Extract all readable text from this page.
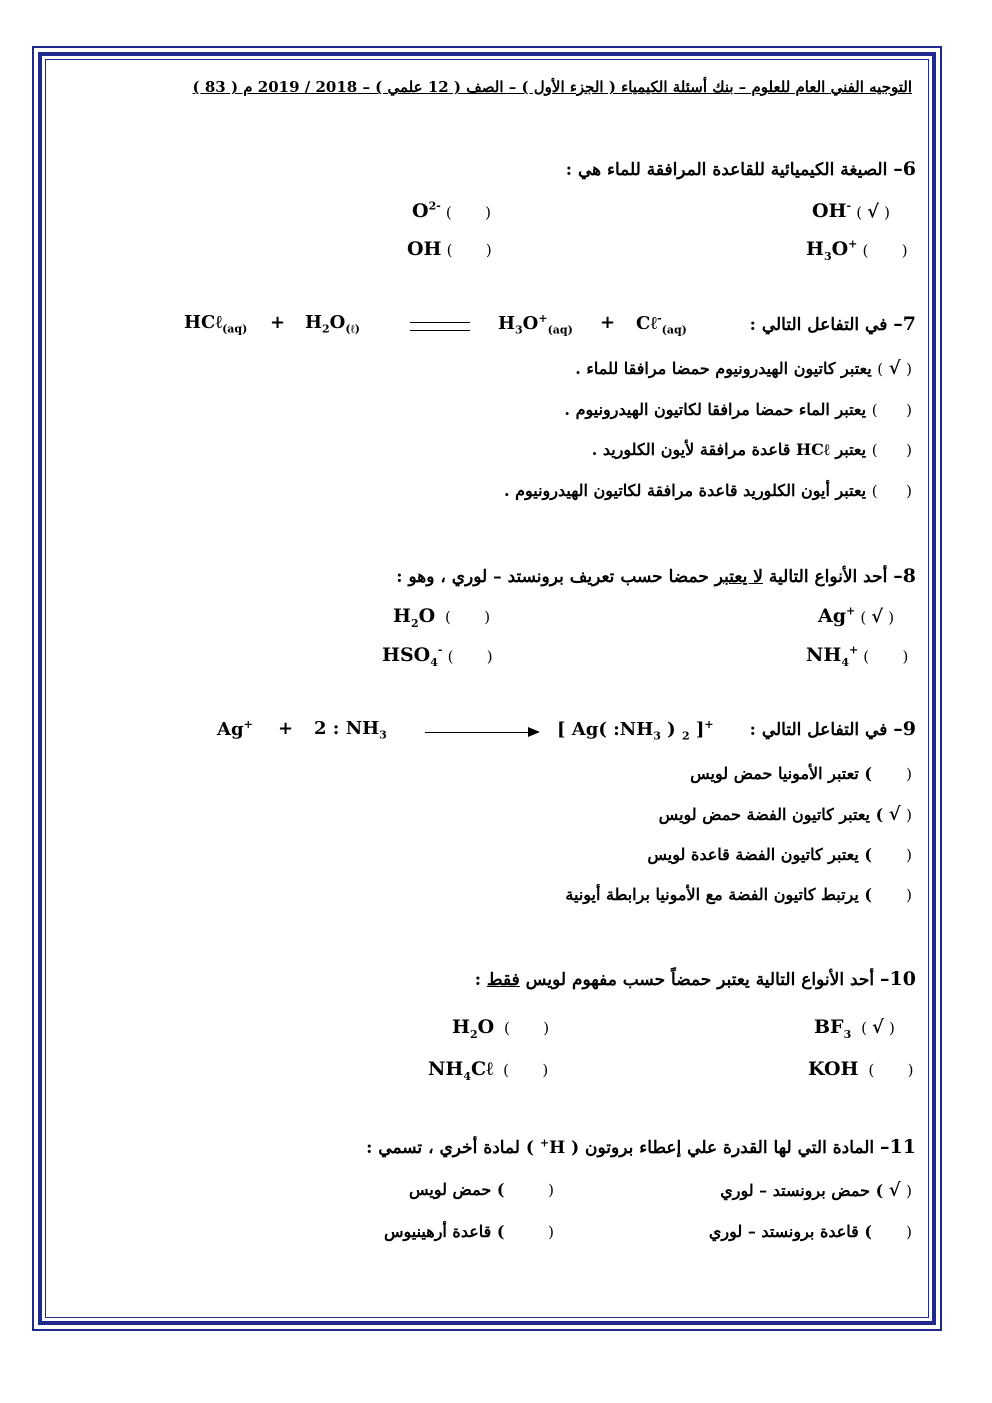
التوجيه الفني العام للعلوم – بنك أسئلة الكيمياء ( الجزء الأول ) – الصف ( 12 علمي ) – 2018 / 2019 م ( 83 )
6– الصيغة الكيميائية للقاعدة المرافقة للماء هي :
OH- ( √ )
$O^{2-}$ (       )
$H_3O^+$ (       )
OH (       )
7– في التفاعل التالي :
HCℓ$_{(aq)}$ + $H_2O_{(\ell)}$	$H_3O^+_{(aq)}$ + Cℓ-$_{(aq)}$
( √ ) يعتبر كاتيون الهيدرونيوم حمضا مرافقا للماء .
(      ) يعتبر الماء حمضا مرافقا لكاتيون الهيدرونيوم .
(      ) يعتبر HCℓ قاعدة مرافقة لأيون الكلوريد .
(      ) يعتبر أيون الكلوريد قاعدة مرافقة لكاتيون الهيدرونيوم .
8– أحد الأنواع التالية لا يعتبر حمضا حسب تعريف برونستد – لوري ، وهو :
Ag+ ( √ )
$H_2O$  (       )
$NH_4^+$ (       )
$HSO_4^-$ (       )
9– في التفاعل التالي :
Ag+ + 2 : $NH_3$	[ Ag( $:NH_3$ ) $_2$ ]+
(       ) تعتبر الأمونيا حمض لويس
( √ ) يعتبر كاتيون الفضة حمض لويس
(       ) يعتبر كاتيون الفضة قاعدة لويس
(       ) يرتبط كاتيون الفضة مع الأمونيا برابطة أيونية
10– أحد الأنواع التالية يعتبر حمضاً حسب مفهوم لويس فقط :
$BF_3$  ( √ )
$H_2O$  (       )
KOH  (       )
$NH_4C\ell$  (       )
11– المادة التي لها القدرة علي إعطاء بروتون ( H+ ) لمادة أخري ، تسمي :
( √ ) حمض برونستد – لوري
(         ) حمض لويس
(       ) قاعدة برونستد – لوري
(         ) قاعدة أرهينيوس
